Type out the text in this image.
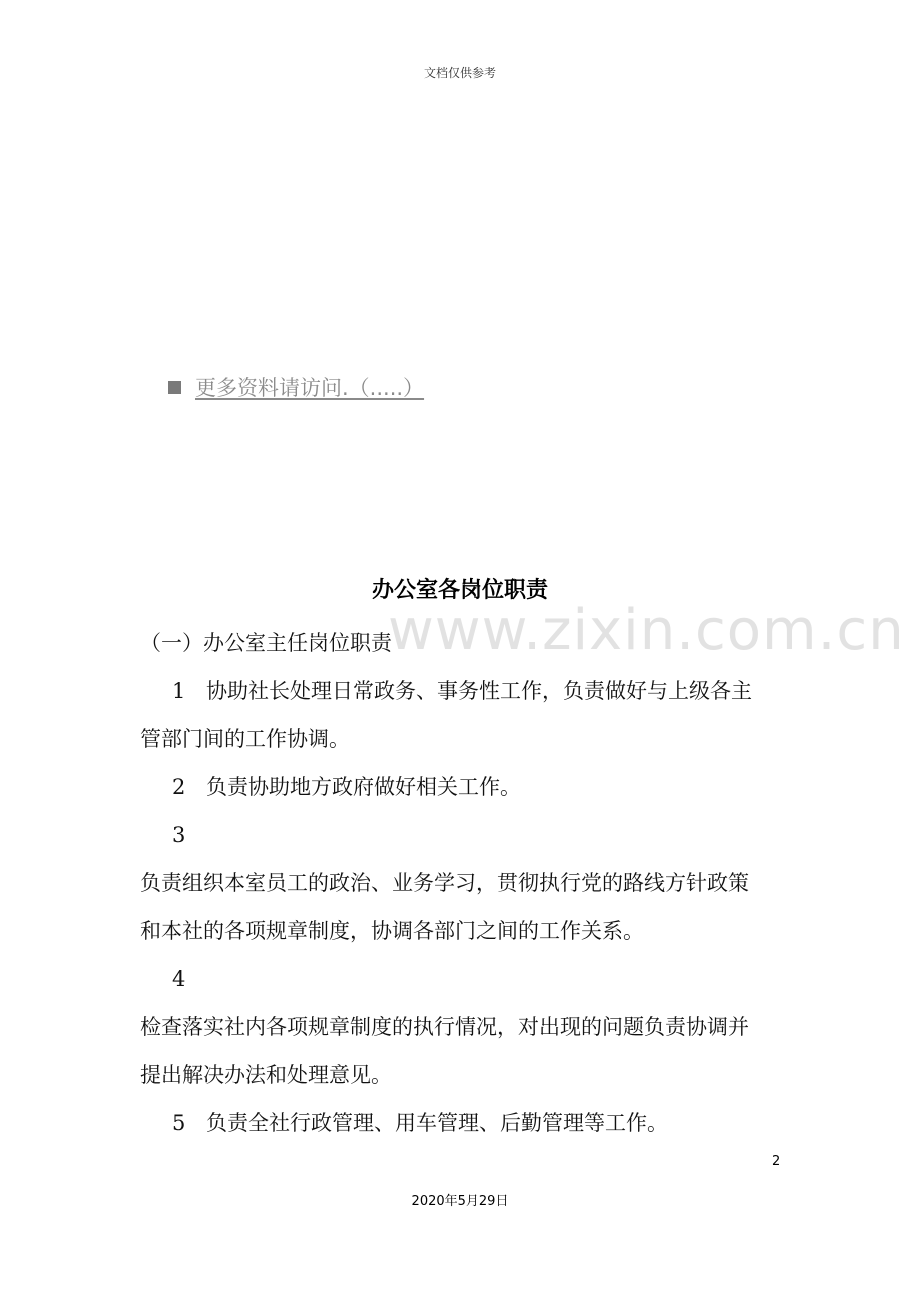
文档仅供参考
更多资料请访问.（.....）
办公室各岗位职责
www.zixin.com.cn
（一）办公室主任岗位职责
1 协助社长处理日常政务、事务性工作，负责做好与上级各主
管部门间的工作协调。
2 负责协助地方政府做好相关工作。
3
负责组织本室员工的政治、业务学习，贯彻执行党的路线方针政策
和本社的各项规章制度，协调各部门之间的工作关系。
4
检查落实社内各项规章制度的执行情况，对出现的问题负责协调并
提出解决办法和处理意见。
5 负责全社行政管理、用车管理、后勤管理等工作。
2
2020年5月29日
